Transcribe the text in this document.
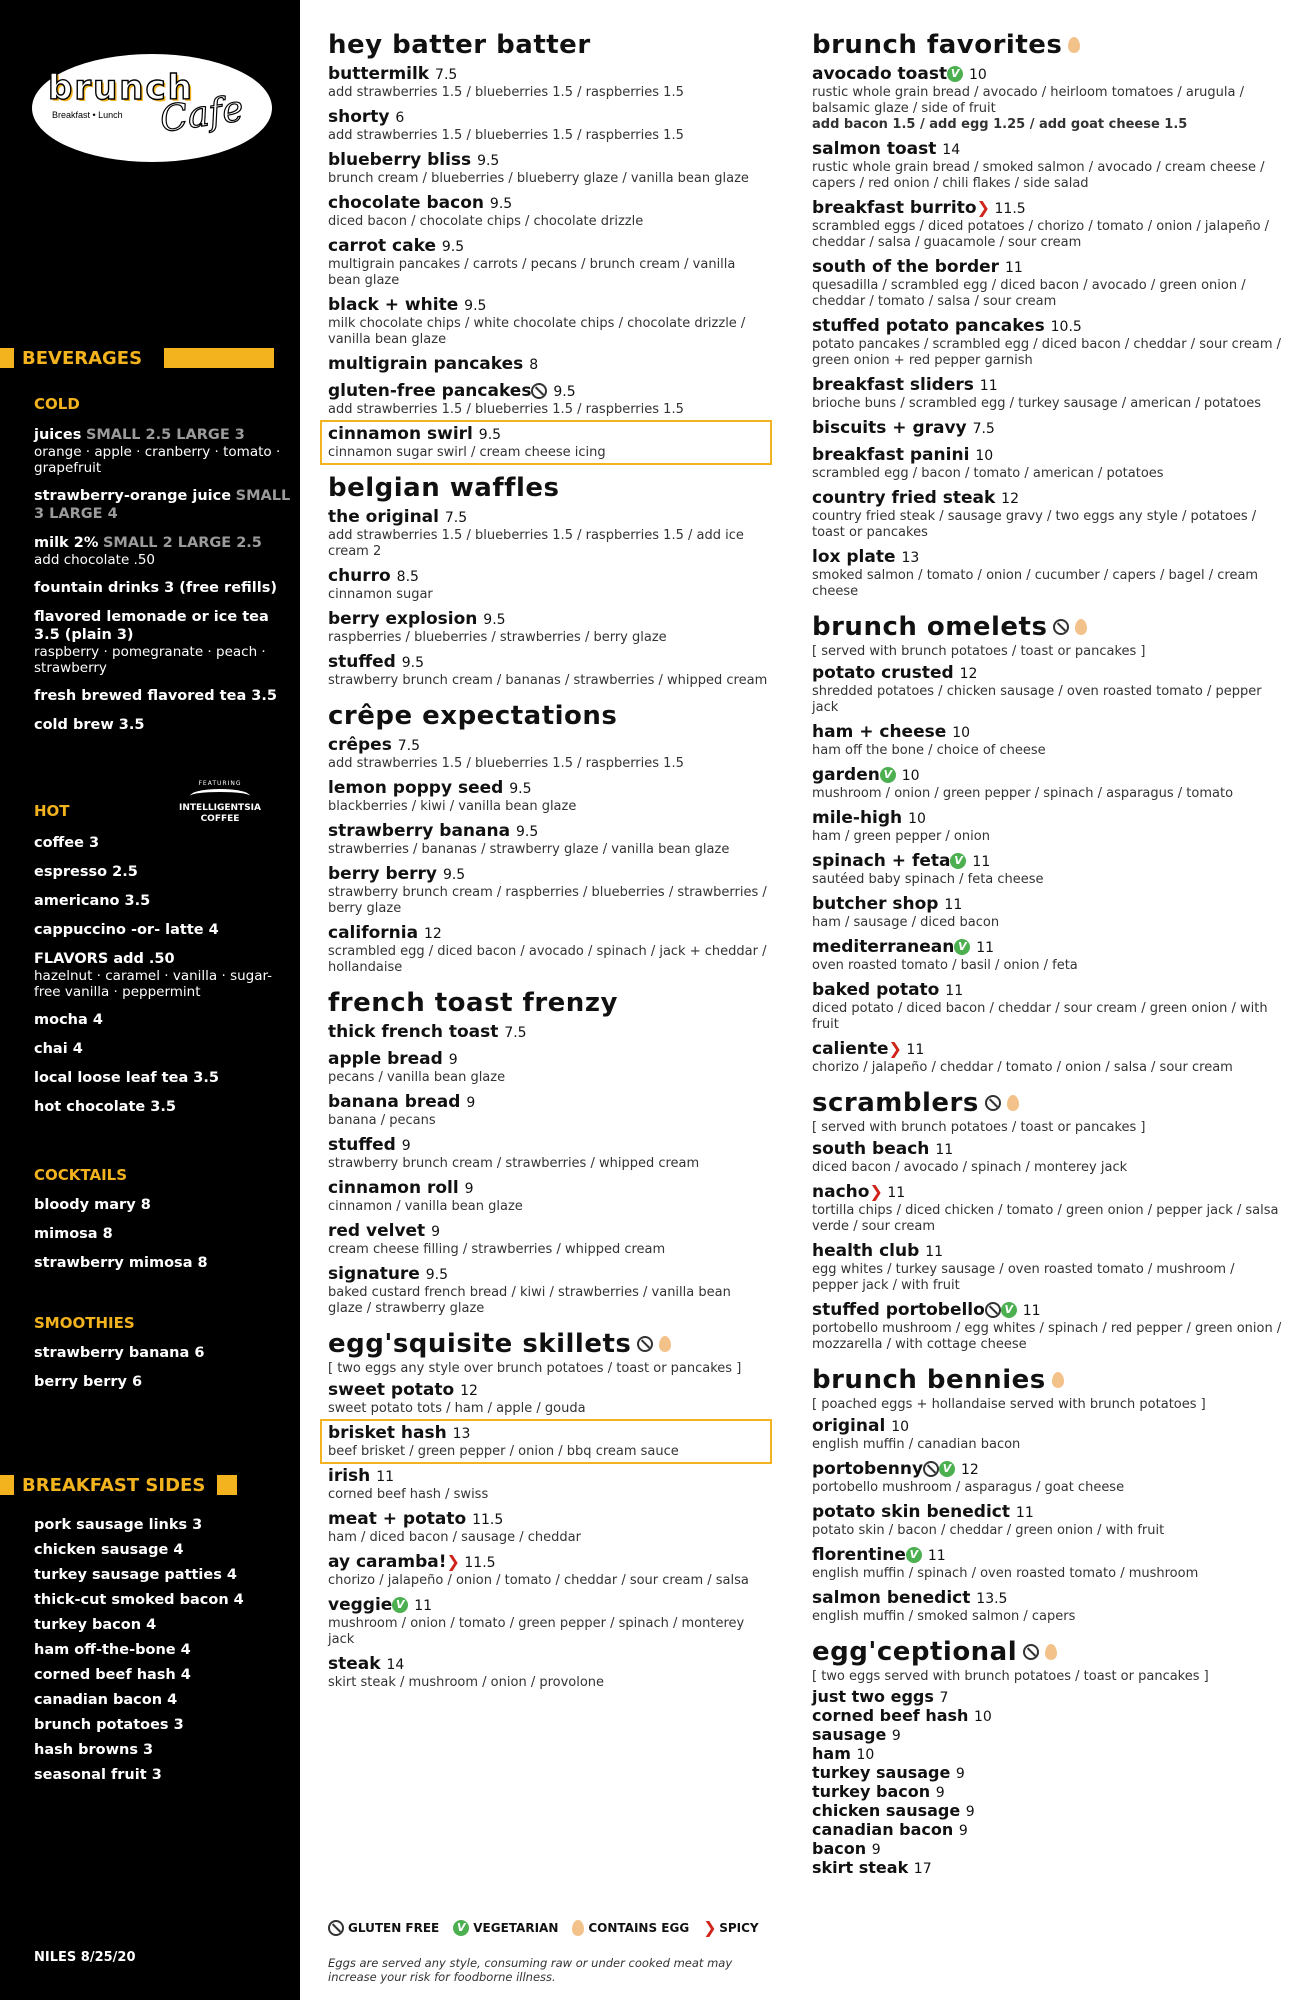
brunch
Breakfast • Lunch Cafe
BEVERAGES
COLD
juices SMALL 2.5 LARGE 3
orange · apple · cranberry · tomato · grapefruit
strawberry-orange juice SMALL 3 LARGE 4
milk 2% SMALL 2 LARGE 2.5
add chocolate .50
fountain drinks 3 (free refills)
flavored lemonade or ice tea 3.5 (plain 3)
raspberry · pomegranate · peach · strawberry
fresh brewed flavored tea 3.5
cold brew 3.5
FEATURING
INTELLIGENTSIA COFFEE
HOT
coffee 3
espresso 2.5
americano 3.5
cappuccino -or- latte 4
FLAVORS add .50
hazelnut · caramel · vanilla · sugar-free vanilla · peppermint
mocha 4
chai 4
local loose leaf tea 3.5
hot chocolate 3.5
COCKTAILS
bloody mary 8
mimosa 8
strawberry mimosa 8
SMOOTHIES
strawberry banana 6
berry berry 6
BREAKFAST SIDES
pork sausage links 3
chicken sausage 4
turkey sausage patties 4
thick-cut smoked bacon 4
turkey bacon 4
ham off-the-bone 4
corned beef hash 4
canadian bacon 4
brunch potatoes 3
hash browns 3
seasonal fruit 3
NILES 8/25/20
hey batter batter
buttermilk 7.5
add strawberries 1.5 / blueberries 1.5 / raspberries 1.5
shorty 6
add strawberries 1.5 / blueberries 1.5 / raspberries 1.5
blueberry bliss 9.5
brunch cream / blueberries / blueberry glaze / vanilla bean glaze
chocolate bacon 9.5
diced bacon / chocolate chips / chocolate drizzle
carrot cake 9.5
multigrain pancakes / carrots / pecans / brunch cream / vanilla bean glaze
black + white 9.5
milk chocolate chips / white chocolate chips / chocolate drizzle / vanilla bean glaze
multigrain pancakes 8
gluten-free pancakes 9.5
add strawberries 1.5 / blueberries 1.5 / raspberries 1.5
cinnamon swirl 9.5
cinnamon sugar swirl / cream cheese icing
belgian waffles
the original 7.5
add strawberries 1.5 / blueberries 1.5 / raspberries 1.5 / add ice cream 2
churro 8.5
cinnamon sugar
berry explosion 9.5
raspberries / blueberries / strawberries / berry glaze
stuffed 9.5
strawberry brunch cream / bananas / strawberries / whipped cream
crêpe expectations
crêpes 7.5
add strawberries 1.5 / blueberries 1.5 / raspberries 1.5
lemon poppy seed 9.5
blackberries / kiwi / vanilla bean glaze
strawberry banana 9.5
strawberries / bananas / strawberry glaze / vanilla bean glaze
berry berry 9.5
strawberry brunch cream / raspberries / blueberries / strawberries / berry glaze
california 12
scrambled egg / diced bacon / avocado / spinach / jack + cheddar / hollandaise
french toast frenzy
thick french toast 7.5
apple bread 9
pecans / vanilla bean glaze
banana bread 9
banana / pecans
stuffed 9
strawberry brunch cream / strawberries / whipped cream
cinnamon roll 9
cinnamon / vanilla bean glaze
red velvet 9
cream cheese filling / strawberries / whipped cream
signature 9.5
baked custard french bread / kiwi / strawberries / vanilla bean glaze / strawberry glaze
egg'squisite skillets
[ two eggs any style over brunch potatoes / toast or pancakes ]
sweet potato 12
sweet potato tots / ham / apple / gouda
brisket hash 13
beef brisket / green pepper / onion / bbq cream sauce
irish 11
corned beef hash / swiss
meat + potato 11.5
ham / diced bacon / sausage / cheddar
ay caramba!❯ 11.5
chorizo / jalapeño / onion / tomato / cheddar / sour cream / salsa
veggie V 11
mushroom / onion / tomato / green pepper / spinach / monterey jack
steak 14
skirt steak / mushroom / onion / provolone
brunch favorites
avocado toast V 10
rustic whole grain bread / avocado / heirloom tomatoes / arugula / balsamic glaze / side of fruit
add bacon 1.5 / add egg 1.25 / add goat cheese 1.5
salmon toast 14
rustic whole grain bread / smoked salmon / avocado / cream cheese / capers / red onion / chili flakes / side salad
breakfast burrito❯ 11.5
scrambled eggs / diced potatoes / chorizo / tomato / onion / jalapeño / cheddar / salsa / guacamole / sour cream
south of the border 11
quesadilla / scrambled egg / diced bacon / avocado / green onion / cheddar / tomato / salsa / sour cream
stuffed potato pancakes 10.5
potato pancakes / scrambled egg / diced bacon / cheddar / sour cream / green onion + red pepper garnish
breakfast sliders 11
brioche buns / scrambled egg / turkey sausage / american / potatoes
biscuits + gravy 7.5
breakfast panini 10
scrambled egg / bacon / tomato / american / potatoes
country fried steak 12
country fried steak / sausage gravy / two eggs any style / potatoes / toast or pancakes
lox plate 13
smoked salmon / tomato / onion / cucumber / capers / bagel / cream cheese
brunch omelets
[ served with brunch potatoes / toast or pancakes ]
potato crusted 12
shredded potatoes / chicken sausage / oven roasted tomato / pepper jack
ham + cheese 10
ham off the bone / choice of cheese
garden V 10
mushroom / onion / green pepper / spinach / asparagus / tomato
mile-high 10
ham / green pepper / onion
spinach + feta V 11
sautéed baby spinach / feta cheese
butcher shop 11
ham / sausage / diced bacon
mediterranean V 11
oven roasted tomato / basil / onion / feta
baked potato 11
diced potato / diced bacon / cheddar / sour cream / green onion / with fruit
caliente❯ 11
chorizo / jalapeño / cheddar / tomato / onion / salsa / sour cream
scramblers
[ served with brunch potatoes / toast or pancakes ]
south beach 11
diced bacon / avocado / spinach / monterey jack
nacho❯ 11
tortilla chips / diced chicken / tomato / green onion / pepper jack / salsa verde / sour cream
health club 11
egg whites / turkey sausage / oven roasted tomato / mushroom / pepper jack / with fruit
stuffed portobello V 11
portobello mushroom / egg whites / spinach / red pepper / green onion / mozzarella / with cottage cheese
brunch bennies
[ poached eggs + hollandaise served with brunch potatoes ]
original 10
english muffin / canadian bacon
portobenny V 12
portobello mushroom / asparagus / goat cheese
potato skin benedict 11
potato skin / bacon / cheddar / green onion / with fruit
florentine V 11
english muffin / spinach / oven roasted tomato / mushroom
salmon benedict 13.5
english muffin / smoked salmon / capers
egg'ceptional
[ two eggs served with brunch potatoes / toast or pancakes ]
just two eggs 7
corned beef hash 10
sausage 9
ham 10
turkey sausage 9
turkey bacon 9
chicken sausage 9
canadian bacon 9
bacon 9
skirt steak 17
GLUTEN FREE	V VEGETARIAN	CONTAINS EGG ❯ SPICY
Eggs are served any style, consuming raw or under cooked meat may increase your risk for foodborne illness.
